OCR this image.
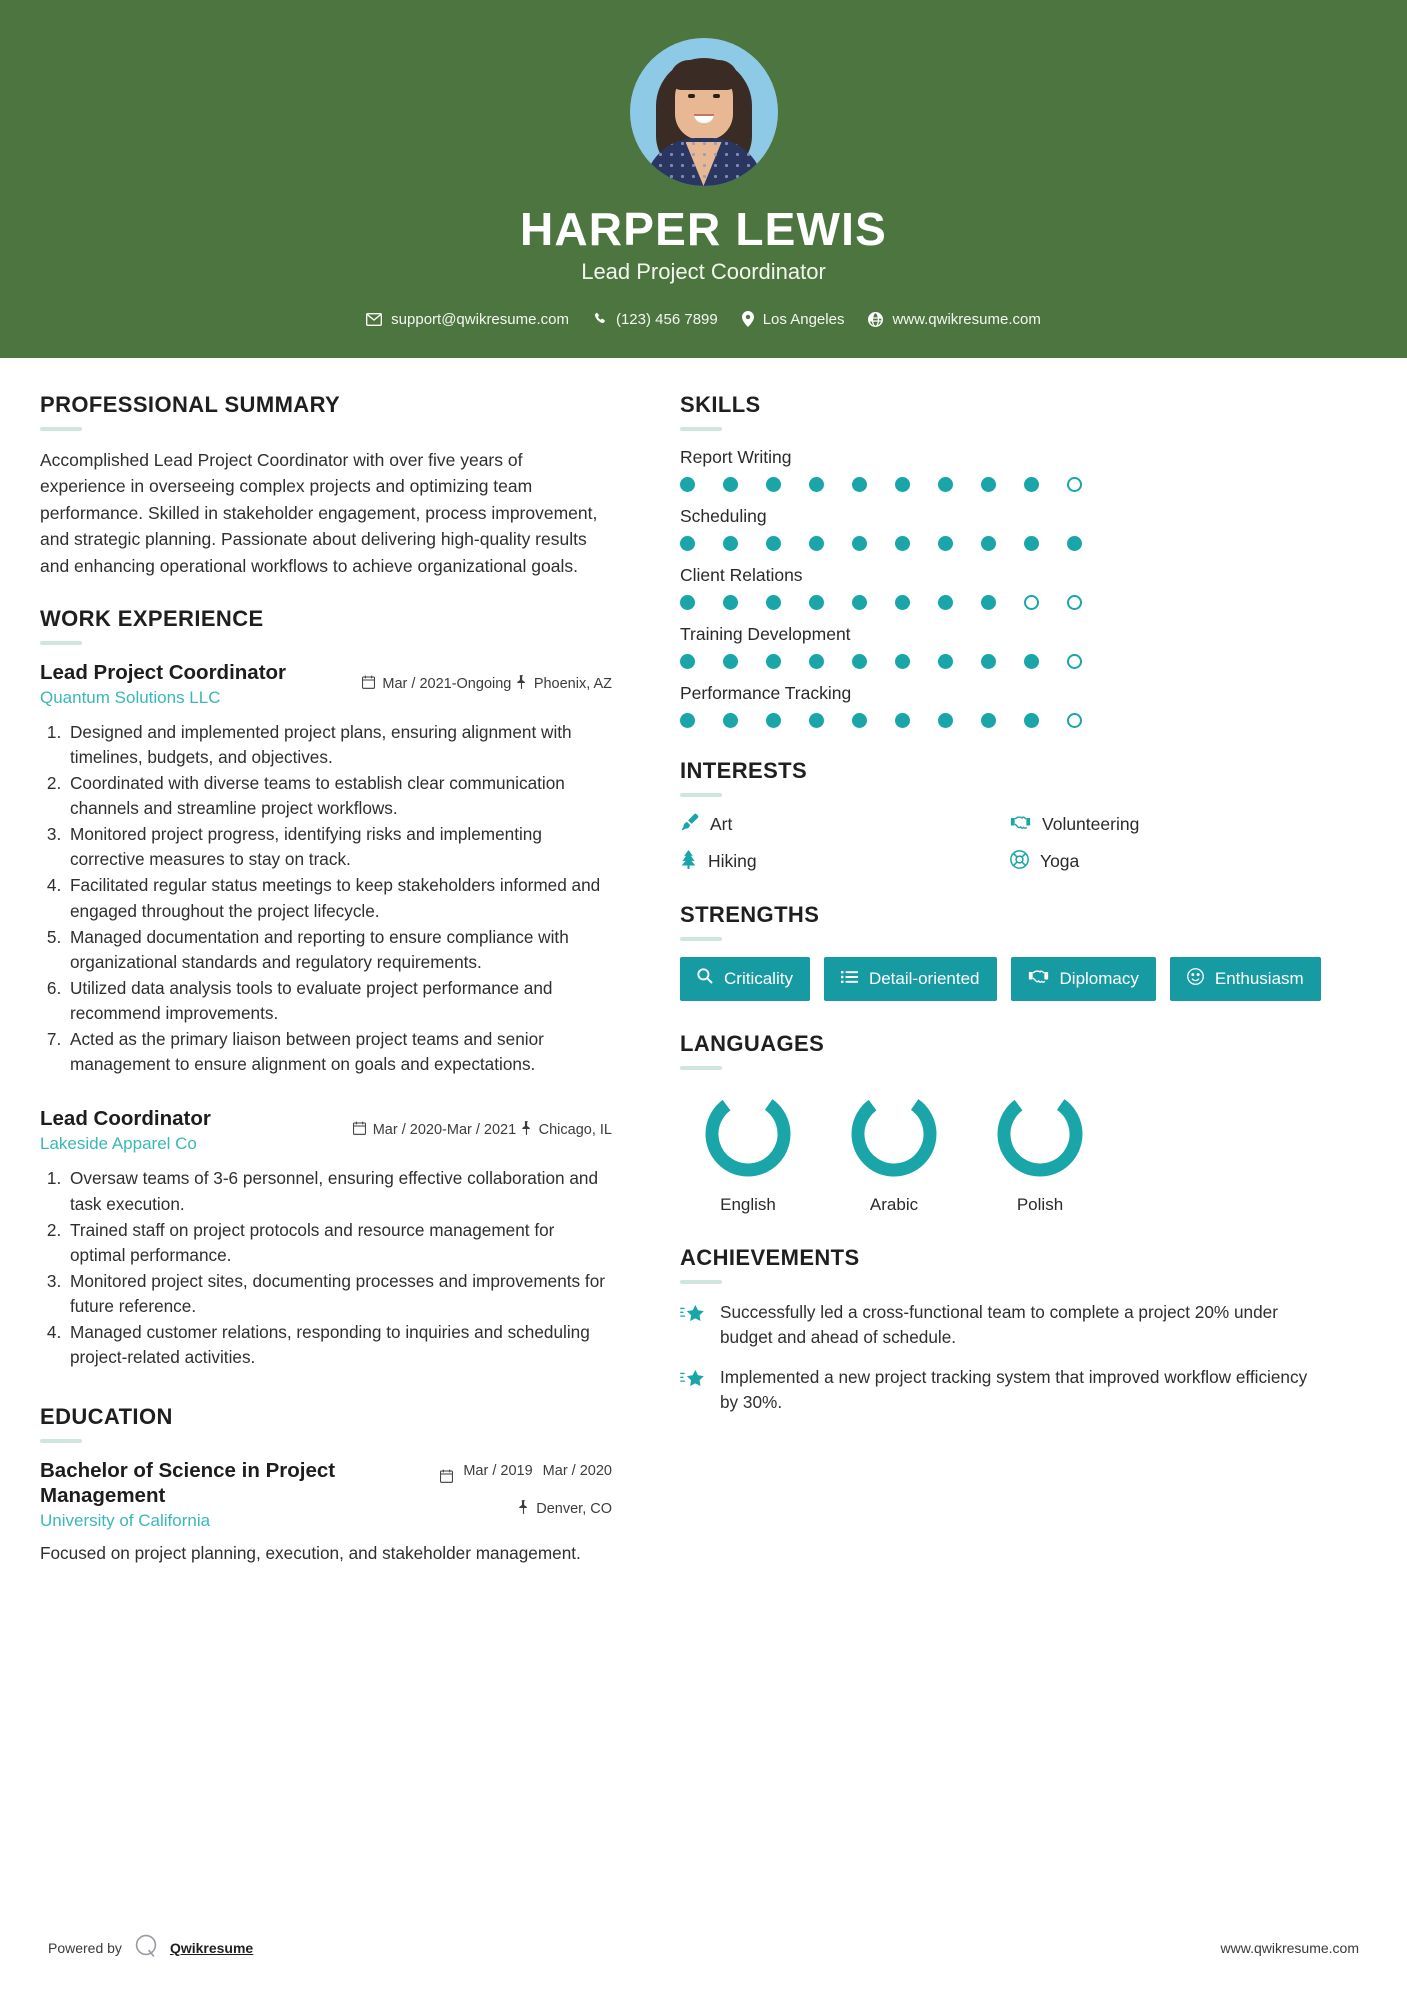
HARPER LEWIS
Lead Project Coordinator
support@qwikresume.com	(123) 456 7899	Los Angeles	www.qwikresume.com
PROFESSIONAL SUMMARY
Accomplished Lead Project Coordinator with over five years of experience in overseeing complex projects and optimizing team performance. Skilled in stakeholder engagement, process improvement, and strategic planning. Passionate about delivering high-quality results and enhancing operational workflows to achieve organizational goals.
WORK EXPERIENCE
Lead Project Coordinator
Quantum Solutions LLC
Mar / 2021-Ongoing
Phoenix, AZ
1. Designed and implemented project plans, ensuring alignment with timelines, budgets, and objectives.
2. Coordinated with diverse teams to establish clear communication channels and streamline project workflows.
3. Monitored project progress, identifying risks and implementing corrective measures to stay on track.
4. Facilitated regular status meetings to keep stakeholders informed and engaged throughout the project lifecycle.
5. Managed documentation and reporting to ensure compliance with organizational standards and regulatory requirements.
6. Utilized data analysis tools to evaluate project performance and recommend improvements.
7. Acted as the primary liaison between project teams and senior management to ensure alignment on goals and expectations.
Lead Coordinator
Lakeside Apparel Co
Mar / 2020-Mar / 2021
Chicago, IL
1. Oversaw teams of 3-6 personnel, ensuring effective collaboration and task execution.
2. Trained staff on project protocols and resource management for optimal performance.
3. Monitored project sites, documenting processes and improvements for future reference.
4. Managed customer relations, responding to inquiries and scheduling project-related activities.
EDUCATION
Bachelor of Science in Project Management
University of California
Mar / 2019 Mar / 2020

Denver, CO
Focused on project planning, execution, and stakeholder management.
SKILLS
Report Writing
Scheduling
Client Relations
Training Development
Performance Tracking
INTERESTS
Art	Volunteering
Hiking	Yoga
STRENGTHS
Criticality	Detail-oriented	Diplomacy	Enthusiasm
LANGUAGES
English	Arabic	Polish
ACHIEVEMENTS
Successfully led a cross-functional team to complete a project 20% under budget and ahead of schedule.
Implemented a new project tracking system that improved workflow efficiency by 30%.
Powered by	Qwikresume	www.qwikresume.com
